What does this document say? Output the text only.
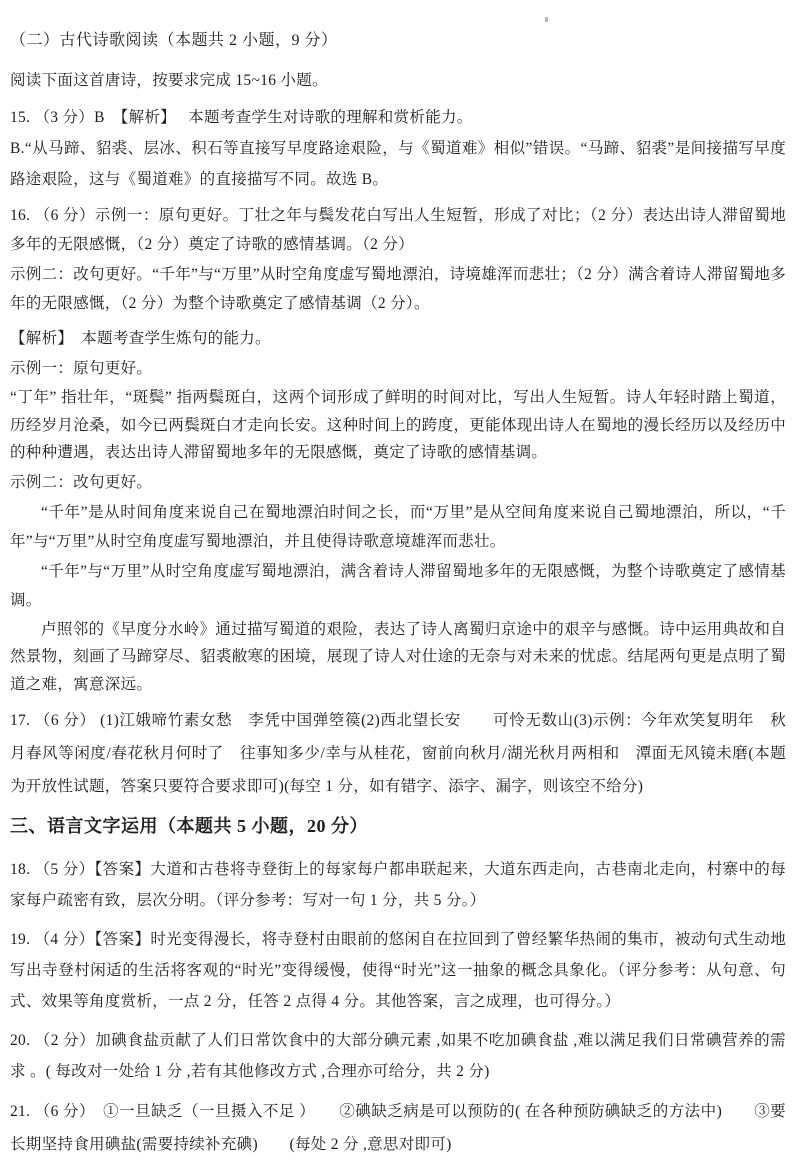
（二）古代诗歌阅读（本题共 2 小题，9 分）

阅读下面这首唐诗，按要求完成 15~16 小题。

15. （3 分）B　【解析】　 本题考查学生对诗歌的理解和赏析能力。

B.“从马蹄、貂裘、层冰、积石等直接写早度路途艰险，与《蜀道难》相似”错误。“马蹄、貂裘”是间接描写早度路途艰险，这与《蜀道难》的直接描写不同。故选 B。

16. （6 分）示例一：原句更好。丁壮之年与鬓发花白写出人生短暂，形成了对比；（2 分）表达出诗人滞留蜀地多年的无限感慨，（2 分）奠定了诗歌的感情基调。（2 分）

示例二：改句更好。“千年”与“万里”从时空角度虚写蜀地漂泊，诗境雄浑而悲壮；（2 分）满含着诗人滞留蜀地多年的无限感慨，（2 分）为整个诗歌奠定了感情基调（2 分）。

【解析】　本题考查学生炼句的能力。

示例一：原句更好。

“丁年” 指壮年，“斑鬓” 指两鬓斑白，这两个词形成了鲜明的时间对比，写出人生短暂。诗人年轻时踏上蜀道，历经岁月沧桑，如今已两鬓斑白才走向长安。这种时间上的跨度，更能体现出诗人在蜀地的漫长经历以及经历中的种种遭遇，表达出诗人滞留蜀地多年的无限感慨，奠定了诗歌的感情基调。

示例二：改句更好。

“千年”是从时间角度来说自己在蜀地漂泊时间之长，而“万里”是从空间角度来说自己蜀地漂泊，所以，“千年”与“万里”从时空角度虚写蜀地漂泊，并且使得诗歌意境雄浑而悲壮。

“千年”与“万里”从时空角度虚写蜀地漂泊，满含着诗人滞留蜀地多年的无限感慨，为整个诗歌奠定了感情基调。

卢照邻的《早度分水岭》通过描写蜀道的艰险，表达了诗人离蜀归京途中的艰辛与感慨。诗中运用典故和自然景物，刻画了马蹄穿尽、貂裘敝寒的困境，展现了诗人对仕途的无奈与对未来的忧虑。结尾两句更是点明了蜀道之难，寓意深远。

17. （6 分） (1)江娥啼竹素女愁　李凭中国弹箜篌(2)西北望长安　　可怜无数山(3)示例：今年欢笑复明年　秋月春风等闲度/春花秋月何时了　往事知多少/幸与从桂花，窗前向秋月/湖光秋月两相和　潭面无风镜未磨(本题为开放性试题，答案只要符合要求即可)(每空 1 分，如有错字、添字、漏字，则该空不给分)

三、语言文字运用（本题共 5 小题，20 分）

18. （5 分）【答案】大道和古巷将寺登街上的每家每户都串联起来，大道东西走向，古巷南北走向，村寨中的每家每户疏密有致，层次分明。（评分参考：写对一句 1 分，共 5 分。）

19. （4 分）【答案】时光变得漫长，将寺登村由眼前的悠闲自在拉回到了曾经繁华热闹的集市，被动句式生动地写出寺登村闲适的生活将客观的“时光”变得缓慢，使得“时光”这一抽象的概念具象化。（评分参考：从句意、句式、效果等角度赏析，一点 2 分，任答 2 点得 4 分。其他答案，言之成理，也可得分。）

20. （2 分）加碘食盐贡献了人们日常饮食中的大部分碘元素 ,如果不吃加碘食盐 ,难以满足我们日常碘营养的需求 。( 每改对一处给 1 分 ,若有其他修改方式 ,合理亦可给分，共 2 分)

21. （6 分）　①一旦缺乏（一旦摄入不足 ）　　②碘缺乏病是可以预防的( 在各种预防碘缺乏的方法中)　　③要长期坚持食用碘盐(需要持续补充碘)　　(每处 2 分 ,意思对即可)
